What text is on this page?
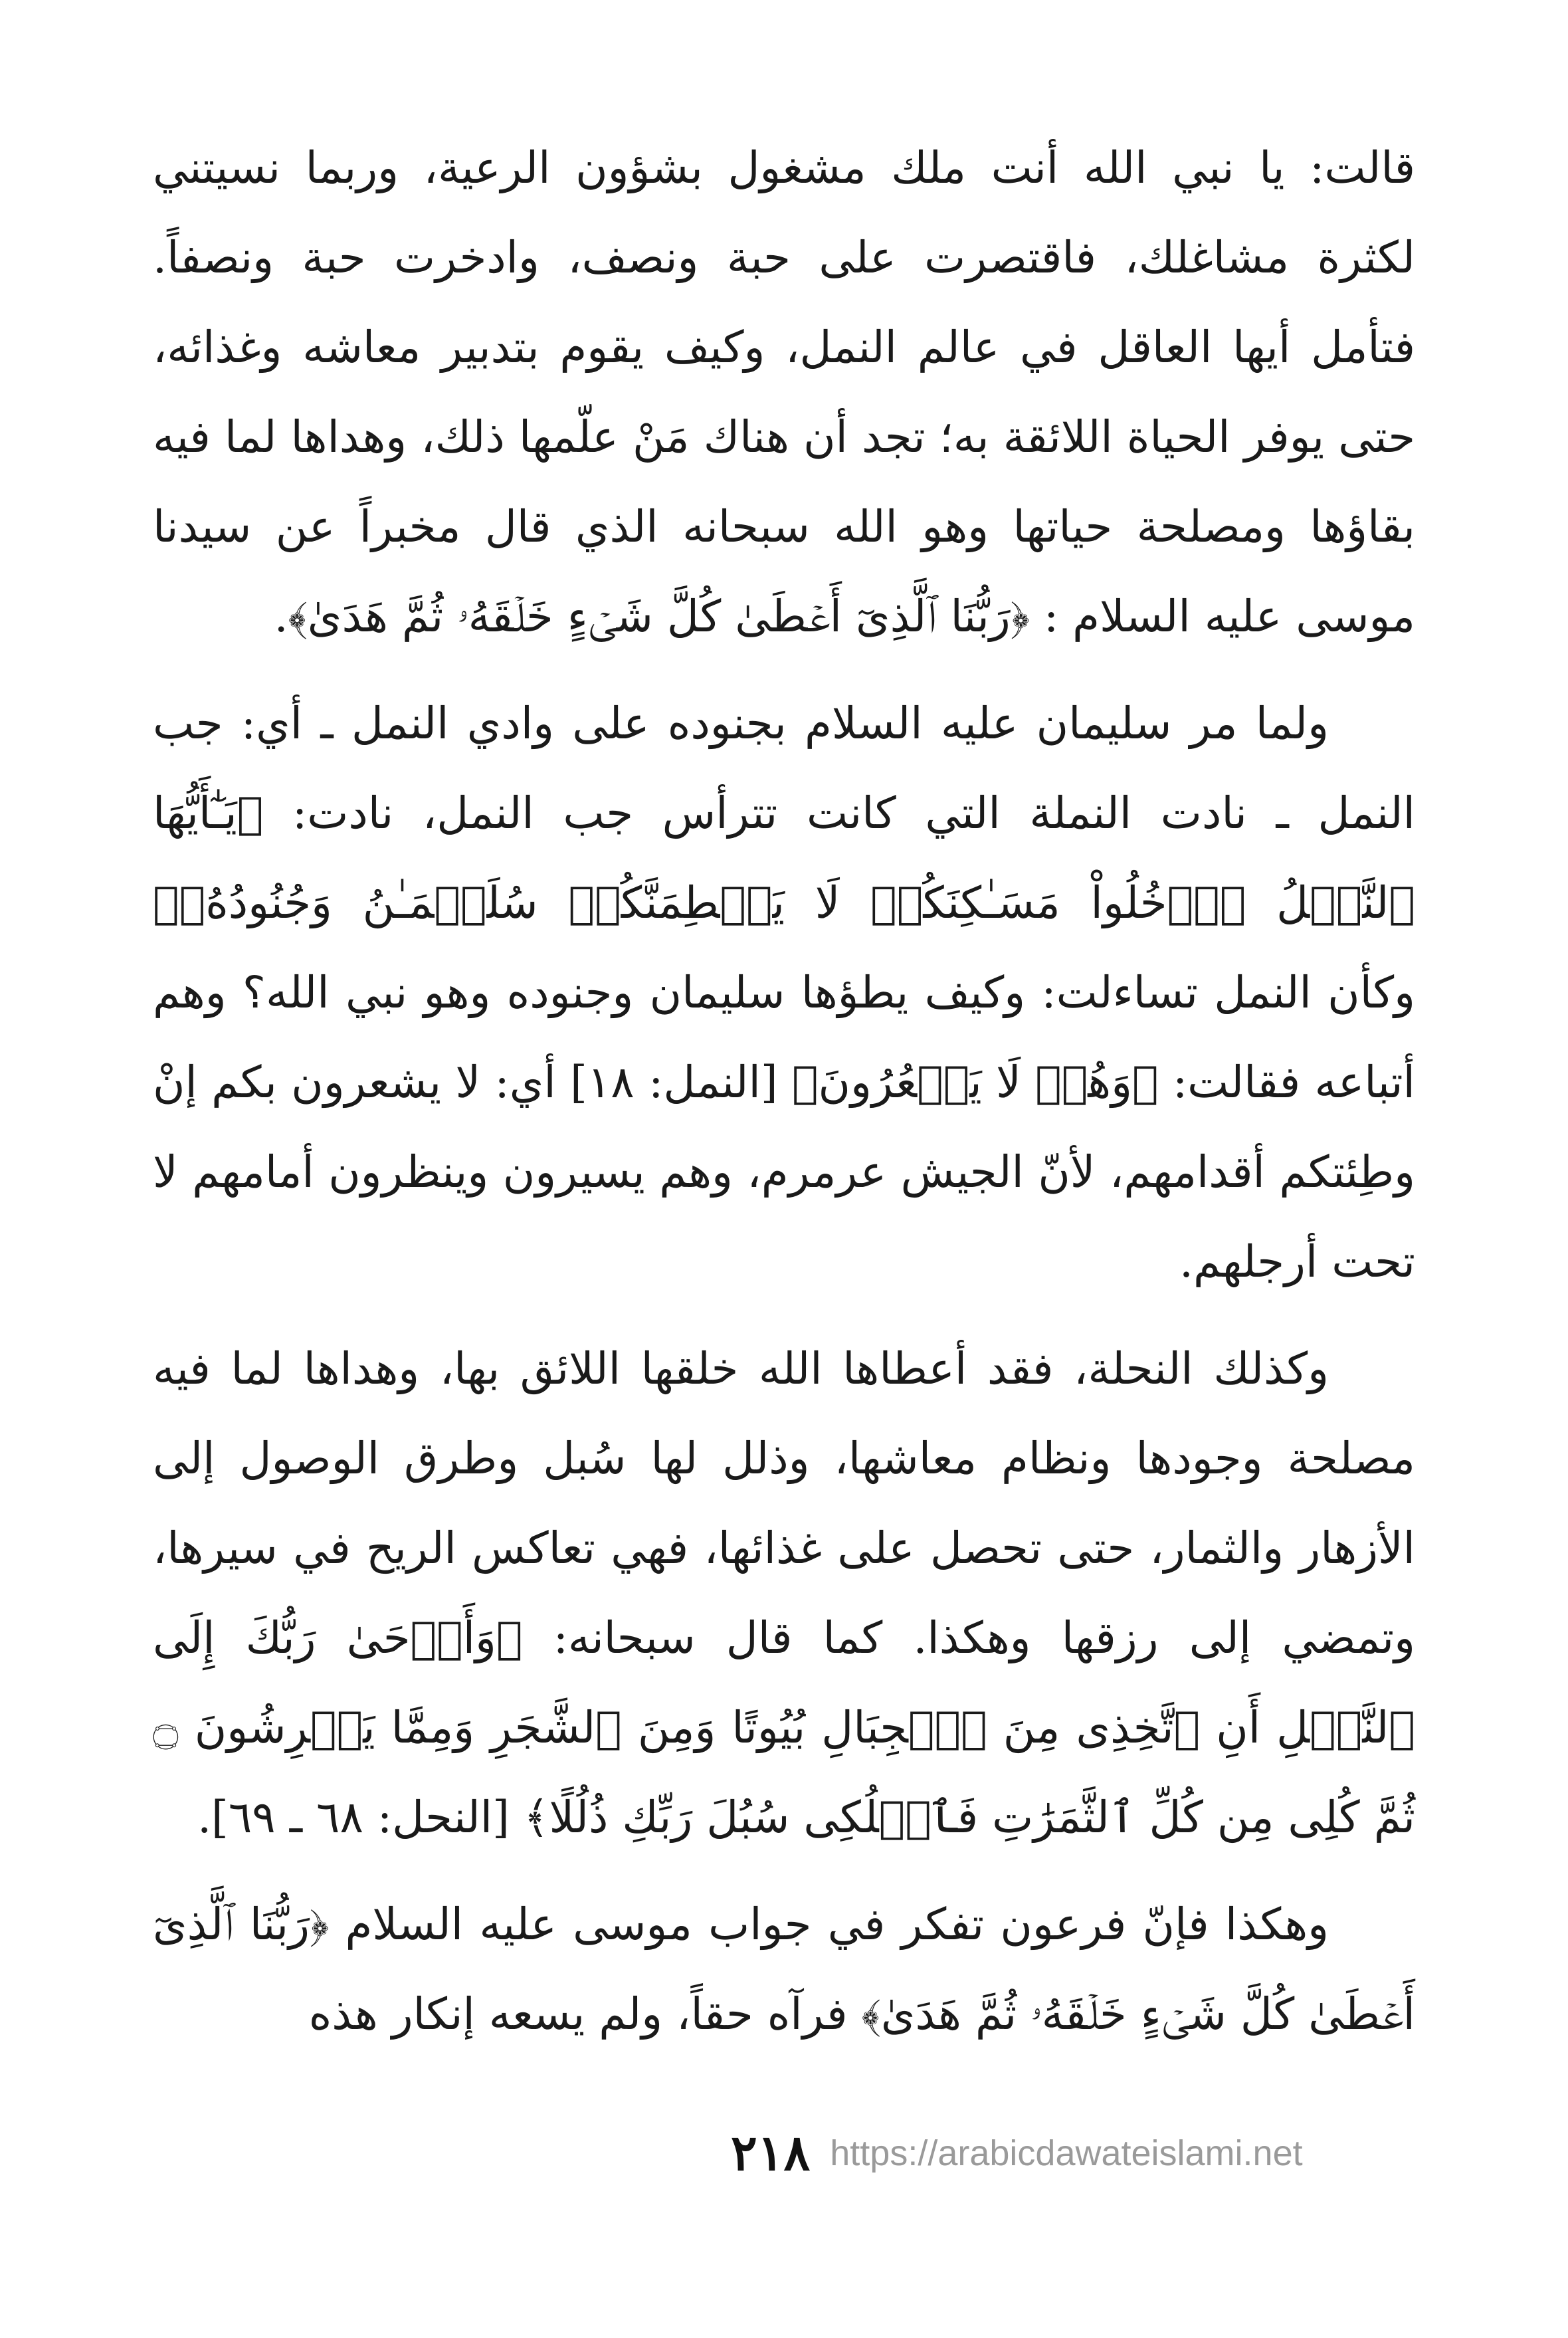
قالت: يا نبي الله أنت ملك مشغول بشؤون الرعية، وربما نسيتني لكثرة مشاغلك، فاقتصرت على حبة ونصف، وادخرت حبة ونصفاً. فتأمل أيها العاقل في عالم النمل، وكيف يقوم بتدبير معاشه وغذائه، حتى يوفر الحياة اللائقة به؛ تجد أن هناك مَنْ علّمها ذلك، وهداها لما فيه بقاؤها ومصلحة حياتها وهو الله سبحانه الذي قال مخبراً عن سيدنا موسى عليه السلام : ﴿رَبُّنَا ٱلَّذِىٓ أَعۡطَىٰ كُلَّ شَىۡءٍ خَلۡقَهُۥ ثُمَّ هَدَىٰ﴾.

ولما مر سليمان عليه السلام بجنوده على وادي النمل ـ أي: جب النمل ـ نادت النملة التي كانت تترأس جب النمل، نادت: ﴿يَـٰٓأَيُّهَا ٱلنَّمۡلُ ٱدۡخُلُواْ مَسَـٰكِنَكُمۡ لَا يَحۡطِمَنَّكُمۡ سُلَيۡمَـٰنُ وَجُنُودُهُۥ﴾ وكأن النمل تساءلت: وكيف يطؤها سليمان وجنوده وهو نبي الله؟ وهم أتباعه فقالت: ﴿وَهُمۡ لَا يَشۡعُرُونَ﴾ [النمل: ١٨] أي: لا يشعرون بكم إنْ وطِئتكم أقدامهم، لأنّ الجيش عرمرم، وهم يسيرون وينظرون أمامهم لا تحت أرجلهم.

وكذلك النحلة، فقد أعطاها الله خلقها اللائق بها، وهداها لما فيه مصلحة وجودها ونظام معاشها، وذلل لها سُبل وطرق الوصول إلى الأزهار والثمار، حتى تحصل على غذائها، فهي تعاكس الريح في سيرها، وتمضي إلى رزقها وهكذا. كما قال سبحانه: ﴿وَأَوۡحَىٰ رَبُّكَ إِلَى ٱلنَّحۡلِ أَنِ ٱتَّخِذِى مِنَ ٱلۡجِبَالِ بُيُوتًا وَمِنَ ٱلشَّجَرِ وَمِمَّا يَعۡرِشُونَ ۝ ثُمَّ كُلِى مِن كُلِّ ٱلثَّمَرَٰتِ فَٱسۡلُكِى سُبُلَ رَبِّكِ ذُلُلًا﴾ [النحل: ٦٨ ـ ٦٩].

وهكذا فإنّ فرعون تفكر في جواب موسى عليه السلام ﴿رَبُّنَا ٱلَّذِىٓ أَعۡطَىٰ كُلَّ شَىۡءٍ خَلۡقَهُۥ ثُمَّ هَدَىٰ﴾ فرآه حقاً، ولم يسعه إنكار هذه

٢١٨ https://arabicdawateislami.net
